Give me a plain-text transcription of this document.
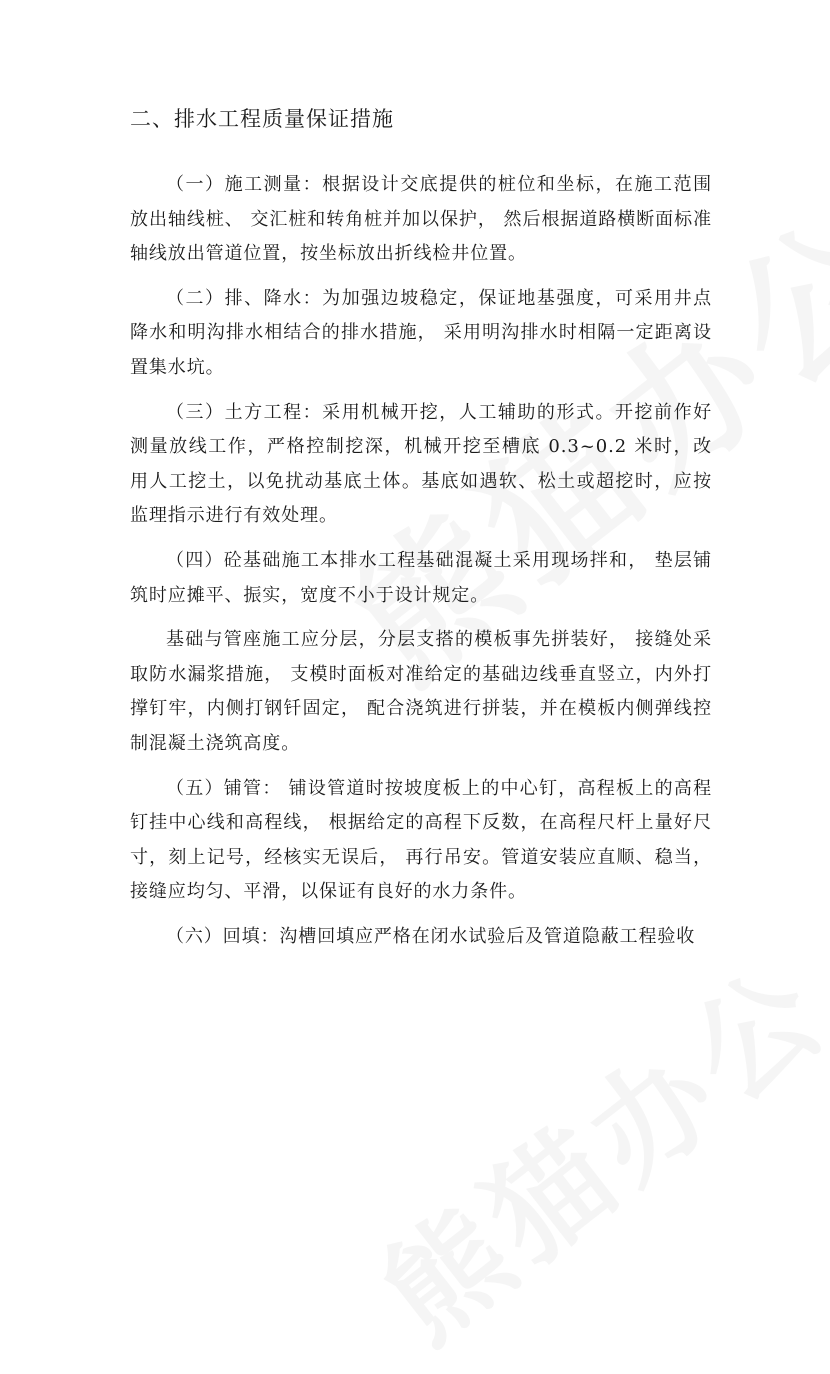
二、排水工程质量保证措施

（一）施工测量：根据设计交底提供的桩位和坐标，在施工范围放出轴线桩、 交汇桩和转角桩并加以保护， 然后根据道路横断面标准轴线放出管道位置，按坐标放出折线检井位置。

（二）排、降水：为加强边坡稳定，保证地基强度，可采用井点降水和明沟排水相结合的排水措施， 采用明沟排水时相隔一定距离设置集水坑。

（三）土方工程：采用机械开挖，人工辅助的形式。开挖前作好测量放线工作，严格控制挖深，机械开挖至槽底 0.3~0.2 米时，改用人工挖土，以免扰动基底土体。基底如遇软、松土或超挖时，应按监理指示进行有效处理。

（四）砼基础施工本排水工程基础混凝土采用现场拌和， 垫层铺筑时应摊平、振实，宽度不小于设计规定。

基础与管座施工应分层，分层支搭的模板事先拼装好， 接缝处采取防水漏浆措施， 支模时面板对准给定的基础边线垂直竖立，内外打撑钉牢，内侧打钢钎固定， 配合浇筑进行拼装，并在模板内侧弹线控制混凝土浇筑高度。

（五）铺管： 铺设管道时按坡度板上的中心钉，高程板上的高程钉挂中心线和高程线， 根据给定的高程下反数，在高程尺杆上量好尺寸，刻上记号，经核实无误后， 再行吊安。管道安装应直顺、稳当，接缝应均匀、平滑，以保证有良好的水力条件。

（六）回填：沟槽回填应严格在闭水试验后及管道隐蔽工程验收
